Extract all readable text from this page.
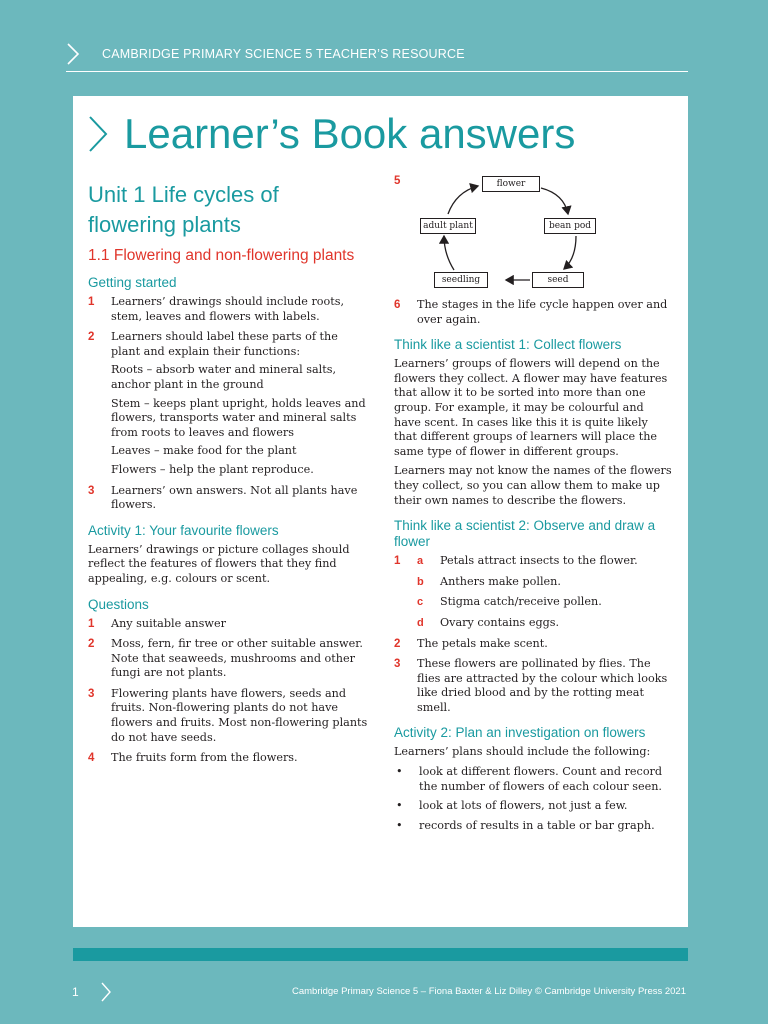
CAMBRIDGE PRIMARY SCIENCE 5 TEACHER’S RESOURCE
Learner’s Book answers
Unit 1 Life cycles of flowering plants
1.1 Flowering and non-flowering plants
Getting started
1	Learners’ drawings should include roots, stem, leaves and flowers with labels.
2	Learners should label these parts of the plant and explain their functions:
Roots – absorb water and mineral salts, anchor plant in the ground
Stem – keeps plant upright, holds leaves and flowers, transports water and mineral salts from roots to leaves and flowers
Leaves – make food for the plant
Flowers – help the plant reproduce.
3	Learners’ own answers. Not all plants have flowers.
Activity 1: Your favourite flowers

Learners’ drawings or picture collages should reflect the features of flowers that they find appealing, e.g. colours or scent.

Questions
1	Any suitable answer
2	Moss, fern, fir tree or other suitable answer. Note that seaweeds, mushrooms and other fungi are not plants.
3	Flowering plants have flowers, seeds and fruits. Non-flowering plants do not have flowers and fruits. Most non-flowering plants do not have seeds.
4	The fruits form from the flowers.
5	flower
bean pod
seed
seedling
adult plant
6	The stages in the life cycle happen over and over again.
Think like a scientist 1: Collect flowers

Learners’ groups of flowers will depend on the flowers they collect. A flower may have features that allow it to be sorted into more than one group. For example, it may be colourful and have scent. In cases like this it is quite likely that different groups of learners will place the same type of flower in different groups.

Learners may not know the names of the flowers they collect, so you can allow them to make up their own names to describe the flowers.

Think like a scientist 2: Observe and draw a flower
1	a	Petals attract insects to the flower.
b	Anthers make pollen.
c	Stigma catch/receive pollen.
d	Ovary contains eggs.
2	The petals make scent.
3	These flowers are pollinated by flies. The flies are attracted by the colour which looks like dried blood and by the rotting meat smell.
Activity 2: Plan an investigation on flowers

Learners’ plans should include the following:

•	look at different flowers. Count and record the number of flowers of each colour seen.
•	look at lots of flowers, not just a few.
•	records of results in a table or bar graph.
1	Cambridge Primary Science 5 – Fiona Baxter & Liz Dilley © Cambridge University Press 2021
